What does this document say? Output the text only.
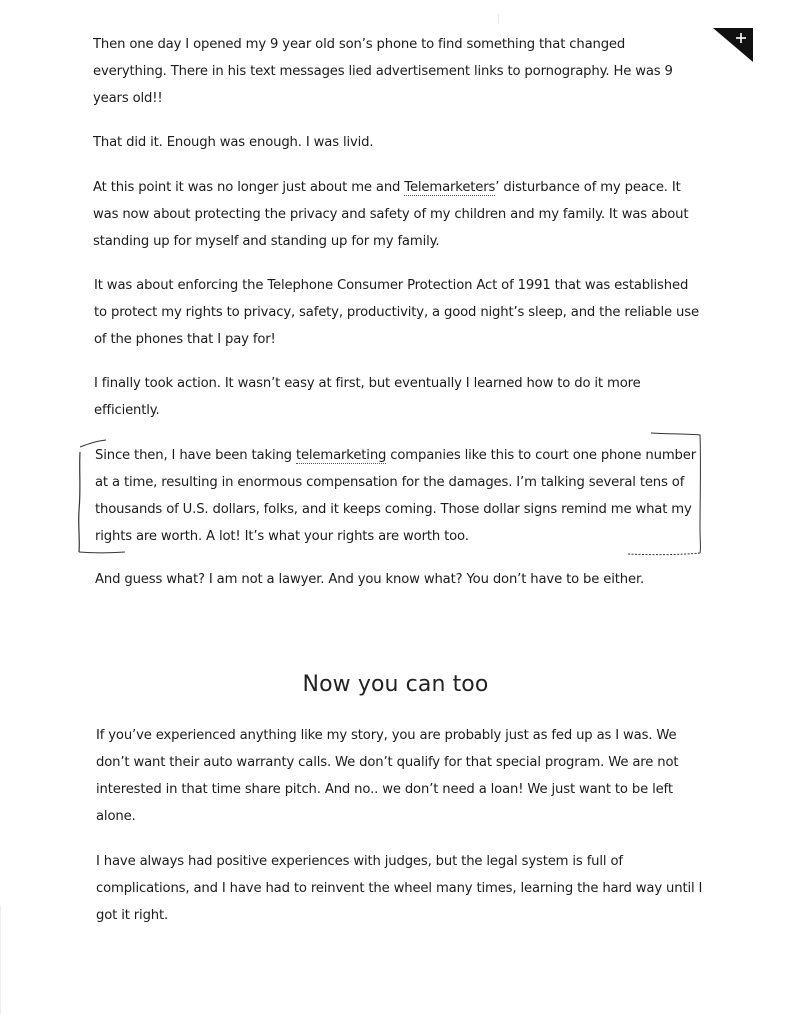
Then one day I opened my 9 year old son’s phone to find something that changed
everything. There in his text messages lied advertisement links to pornography. He was 9
years old!!
That did it. Enough was enough. I was livid.
At this point it was no longer just about me and Telemarketers’ disturbance of my peace. It
was now about protecting the privacy and safety of my children and my family. It was about
standing up for myself and standing up for my family.
It was about enforcing the Telephone Consumer Protection Act of 1991 that was established
to protect my rights to privacy, safety, productivity, a good night’s sleep, and the reliable use
of the phones that I pay for!
I finally took action. It wasn’t easy at first, but eventually I learned how to do it more
efficiently.
Since then, I have been taking telemarketing companies like this to court one phone number
at a time, resulting in enormous compensation for the damages. I’m talking several tens of
thousands of U.S. dollars, folks, and it keeps coming. Those dollar signs remind me what my
rights are worth. A lot! It’s what your rights are worth too.
And guess what? I am not a lawyer. And you know what? You don’t have to be either.
Now you can too
If you’ve experienced anything like my story, you are probably just as fed up as I was. We
don’t want their auto warranty calls. We don’t qualify for that special program. We are not
interested in that time share pitch. And no.. we don’t need a loan! We just want to be left
alone.
I have always had positive experiences with judges, but the legal system is full of
complications, and I have had to reinvent the wheel many times, learning the hard way until I
got it right.
